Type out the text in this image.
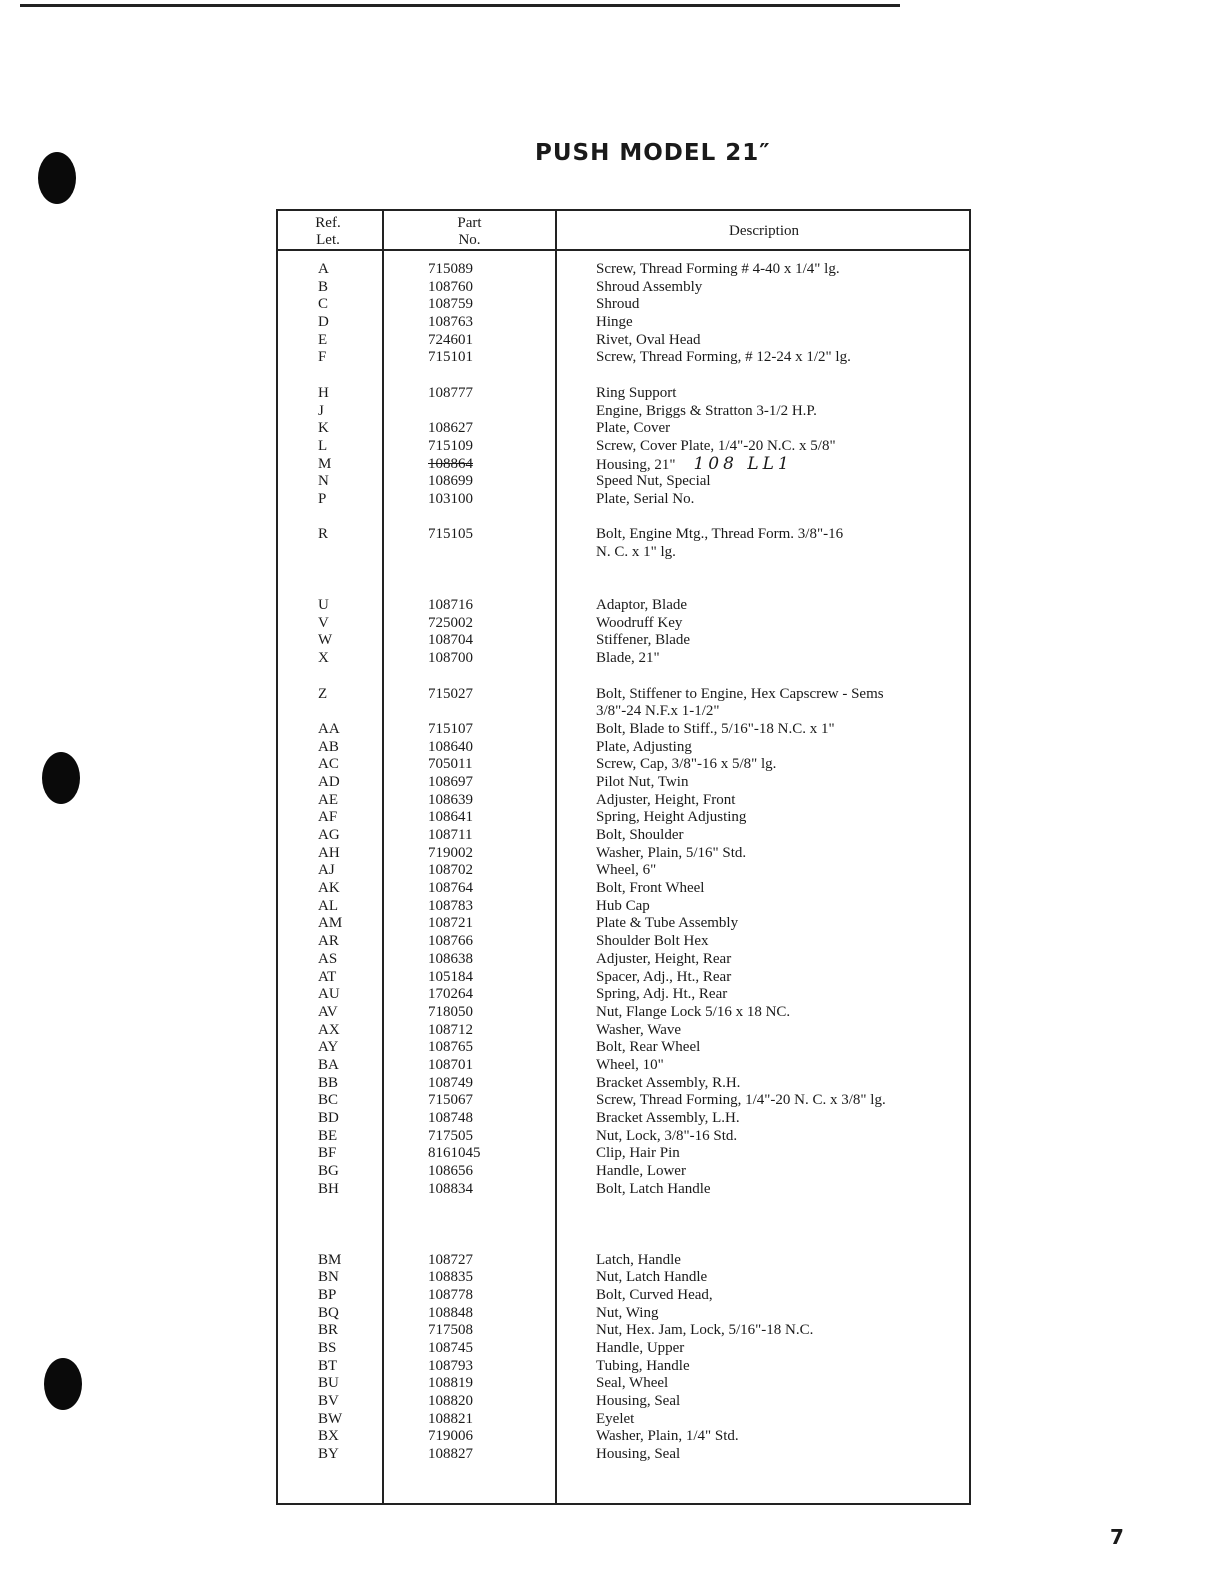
PUSH MODEL 21″
Ref.
Let.
Part
No.
Description
A
B
C
D
E
F
H
J
K
L
M
N
P
R
U
V
W
X
Z
AA
AB
AC
AD
AE
AF
AG
AH
AJ
AK
AL
AM
AR
AS
AT
AU
AV
AX
AY
BA
BB
BC
BD
BE
BF
BG
BH
BM
BN
BP
BQ
BR
BS
BT
BU
BV
BW
BX
BY
715089
108760
108759
108763
724601
715101
108777
108627
715109
108864
108699
103100
715105
108716
725002
108704
108700
715027
715107
108640
705011
108697
108639
108641
108711
719002
108702
108764
108783
108721
108766
108638
105184
170264
718050
108712
108765
108701
108749
715067
108748
717505
8161045
108656
108834
108727
108835
108778
108848
717508
108745
108793
108819
108820
108821
719006
108827
Screw, Thread Forming # 4-40 x 1/4" lg.
Shroud Assembly
Shroud
Hinge
Rivet, Oval Head
Screw, Thread Forming, # 12-24 x 1/2" lg.
Ring Support
Engine, Briggs & Stratton 3-1/2 H.P.
Plate, Cover
Screw, Cover Plate, 1/4"-20 N.C. x 5/8"
Housing, 21" 108 LL1
Speed Nut, Special
Plate, Serial No.
Bolt, Engine Mtg., Thread Form. 3/8"-16
N. C. x 1" lg.
Adaptor, Blade
Woodruff Key
Stiffener, Blade
Blade, 21"
Bolt, Stiffener to Engine, Hex Capscrew - Sems
3/8"-24 N.F.x 1-1/2"
Bolt, Blade to Stiff., 5/16"-18 N.C. x 1"
Plate, Adjusting
Screw, Cap, 3/8"-16 x 5/8" lg.
Pilot Nut, Twin
Adjuster, Height, Front
Spring, Height Adjusting
Bolt, Shoulder
Washer, Plain, 5/16" Std.
Wheel, 6"
Bolt, Front Wheel
Hub Cap
Plate & Tube Assembly
Shoulder Bolt Hex
Adjuster, Height, Rear
Spacer, Adj., Ht., Rear
Spring, Adj. Ht., Rear
Nut, Flange Lock 5/16 x 18 NC.
Washer, Wave
Bolt, Rear Wheel
Wheel, 10"
Bracket Assembly, R.H.
Screw, Thread Forming, 1/4"-20 N. C. x 3/8" lg.
Bracket Assembly, L.H.
Nut, Lock, 3/8"-16 Std.
Clip, Hair Pin
Handle, Lower
Bolt, Latch Handle
Latch, Handle
Nut, Latch Handle
Bolt, Curved Head,
Nut, Wing
Nut, Hex. Jam, Lock, 5/16"-18 N.C.
Handle, Upper
Tubing, Handle
Seal, Wheel
Housing, Seal
Eyelet
Washer, Plain, 1/4" Std.
Housing, Seal
7
